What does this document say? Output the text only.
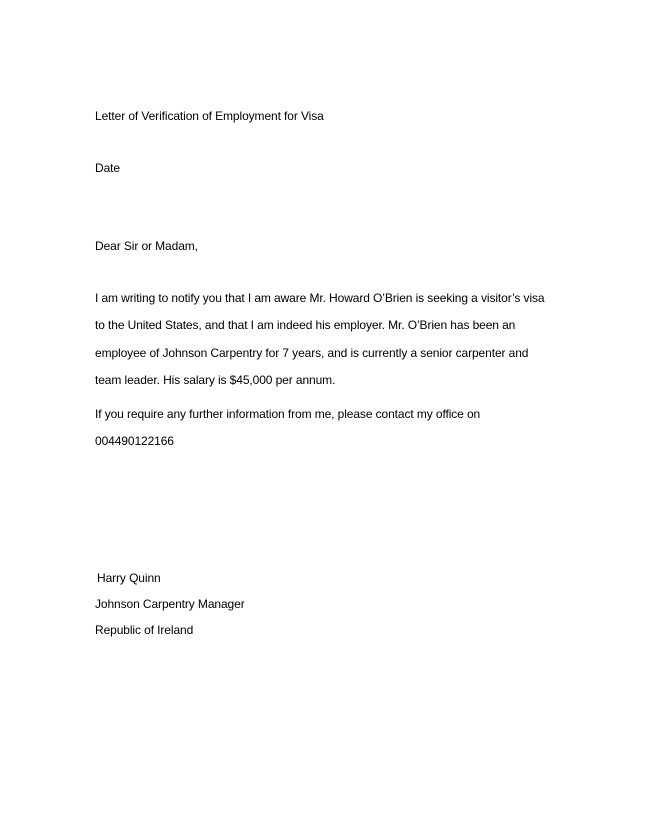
Letter of Verification of Employment for Visa
Date
Dear Sir or Madam,
I am writing to notify you that I am aware Mr. Howard O’Brien is seeking a visitor’s visa
to the United States, and that I am indeed his employer. Mr. O’Brien has been an
employee of Johnson Carpentry for 7 years, and is currently a senior carpenter and
team leader. His salary is $45,000 per annum.
If you require any further information from me, please contact my office on
004490122166
Harry Quinn
Johnson Carpentry Manager
Republic of Ireland
